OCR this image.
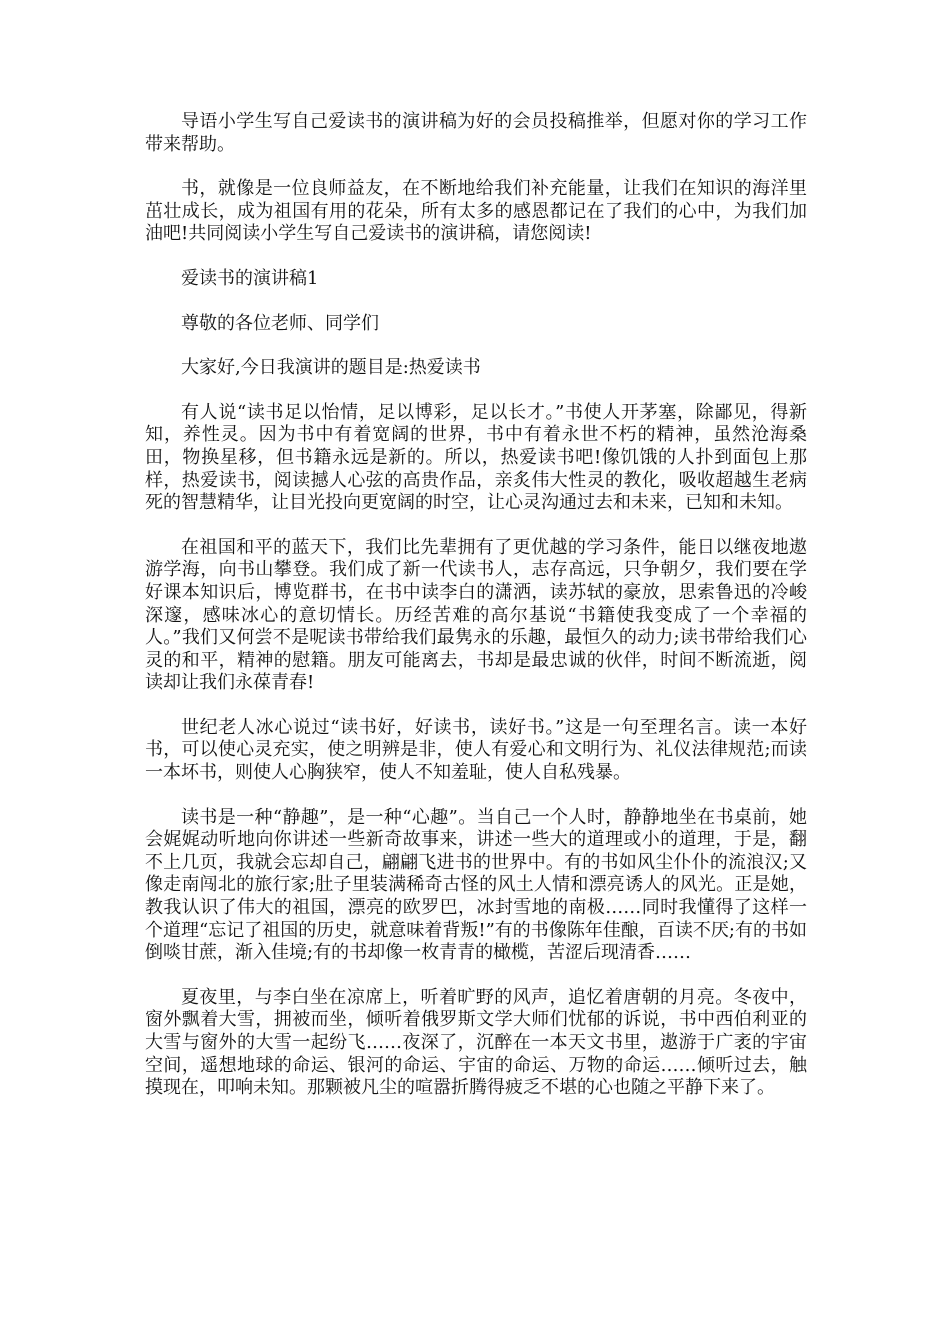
导语小学生写自己爱读书的演讲稿为好的会员投稿推举，但愿对你的学习工作带来帮助。

书，就像是一位良师益友，在不断地给我们补充能量，让我们在知识的海洋里茁壮成长，成为祖国有用的花朵，所有太多的感恩都记在了我们的心中，为我们加油吧!共同阅读小学生写自己爱读书的演讲稿，请您阅读!

爱读书的演讲稿1

尊敬的各位老师、同学们

大家好,今日我演讲的题目是:热爱读书

有人说“读书足以怡情，足以博彩，足以长才。”书使人开茅塞，除鄙见，得新知，养性灵。因为书中有着宽阔的世界，书中有着永世不朽的精神，虽然沧海桑田，物换星移，但书籍永远是新的。所以，热爱读书吧!像饥饿的人扑到面包上那样，热爱读书，阅读撼人心弦的高贵作品，亲炙伟大性灵的教化，吸收超越生老病死的智慧精华，让目光投向更宽阔的时空，让心灵沟通过去和未来，已知和未知。

在祖国和平的蓝天下，我们比先辈拥有了更优越的学习条件，能日以继夜地遨游学海，向书山攀登。我们成了新一代读书人，志存高远，只争朝夕，我们要在学好课本知识后，博览群书，在书中读李白的潇洒，读苏轼的豪放，思索鲁迅的冷峻深邃，感味冰心的意切情长。历经苦难的高尔基说“书籍使我变成了一个幸福的人。”我们又何尝不是呢读书带给我们最隽永的乐趣，最恒久的动力;读书带给我们心灵的和平，精神的慰籍。朋友可能离去，书却是最忠诚的伙伴，时间不断流逝，阅读却让我们永葆青春!

世纪老人冰心说过“读书好，好读书，读好书。”这是一句至理名言。读一本好书，可以使心灵充实，使之明辨是非，使人有爱心和文明行为、礼仪法律规范;而读一本坏书，则使人心胸狭窄，使人不知羞耻，使人自私残暴。

读书是一种“静趣”，是一种“心趣”。当自己一个人时，静静地坐在书桌前，她会娓娓动听地向你讲述一些新奇故事来，讲述一些大的道理或小的道理，于是，翻不上几页，我就会忘却自己，翩翩飞进书的世界中。有的书如风尘仆仆的流浪汉;又像走南闯北的旅行家;肚子里装满稀奇古怪的风土人情和漂亮诱人的风光。正是她，教我认识了伟大的祖国，漂亮的欧罗巴，冰封雪地的南极……同时我懂得了这样一个道理“忘记了祖国的历史，就意味着背叛!”有的书像陈年佳酿，百读不厌;有的书如倒啖甘蔗，渐入佳境;有的书却像一枚青青的橄榄，苦涩后现清香……

夏夜里，与李白坐在凉席上，听着旷野的风声，追忆着唐朝的月亮。冬夜中，窗外飘着大雪，拥被而坐，倾听着俄罗斯文学大师们忧郁的诉说，书中西伯利亚的大雪与窗外的大雪一起纷飞……夜深了，沉醉在一本天文书里，遨游于广袤的宇宙空间，遥想地球的命运、银河的命运、宇宙的命运、万物的命运……倾听过去，触摸现在，叩响未知。那颗被凡尘的喧嚣折腾得疲乏不堪的心也随之平静下来了。
